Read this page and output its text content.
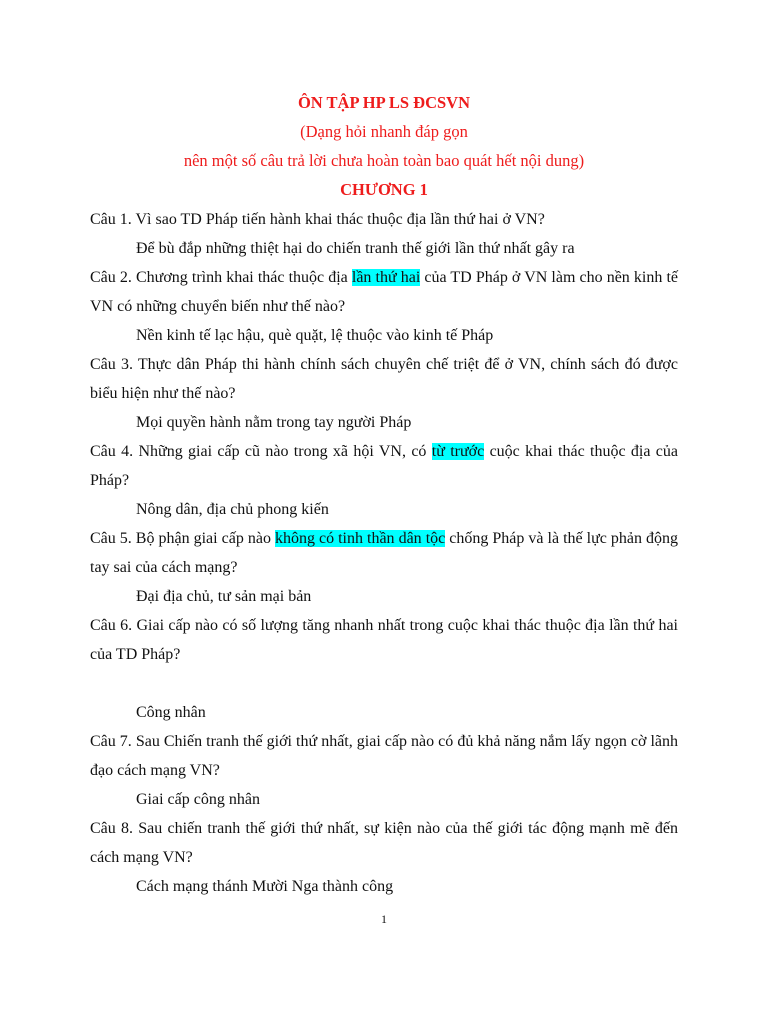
ÔN TẬP HP LS ĐCSVN

(Dạng hỏi nhanh đáp gọn

nên một số câu trả lời chưa hoàn toàn bao quát hết nội dung)

CHƯƠNG 1

Câu 1. Vì sao TD Pháp tiến hành khai thác thuộc địa lần thứ hai ở VN?

Để bù đắp những thiệt hại do chiến tranh thế giới lần thứ nhất gây ra

Câu 2. Chương trình khai thác thuộc địa lần thứ hai của TD Pháp ở VN làm cho nền kinh tế VN có những chuyển biến như thế nào?

Nền kinh tế lạc hậu, què quặt, lệ thuộc vào kinh tế Pháp

Câu 3. Thực dân Pháp thi hành chính sách chuyên chế triệt để ở VN, chính sách đó được biểu hiện như thế nào?

Mọi quyền hành nằm trong tay người Pháp

Câu 4. Những giai cấp cũ nào trong xã hội VN, có từ trước cuộc khai thác thuộc địa của Pháp?

Nông dân, địa chủ phong kiến

Câu 5. Bộ phận giai cấp nào không có tinh thần dân tộc chống Pháp và là thế lực phản động tay sai của cách mạng?

Đại địa chủ, tư sản mại bản

Câu 6. Giai cấp nào có số lượng tăng nhanh nhất trong cuộc khai thác thuộc địa lần thứ hai của TD Pháp?

Công nhân

Câu 7. Sau Chiến tranh thế giới thứ nhất, giai cấp nào có đủ khả năng nắm lấy ngọn cờ lãnh đạo cách mạng VN?

Giai cấp công nhân

Câu 8. Sau chiến tranh thế giới thứ nhất, sự kiện nào của thế giới tác động mạnh mẽ đến cách mạng VN?

Cách mạng thánh Mười Nga thành công

1
